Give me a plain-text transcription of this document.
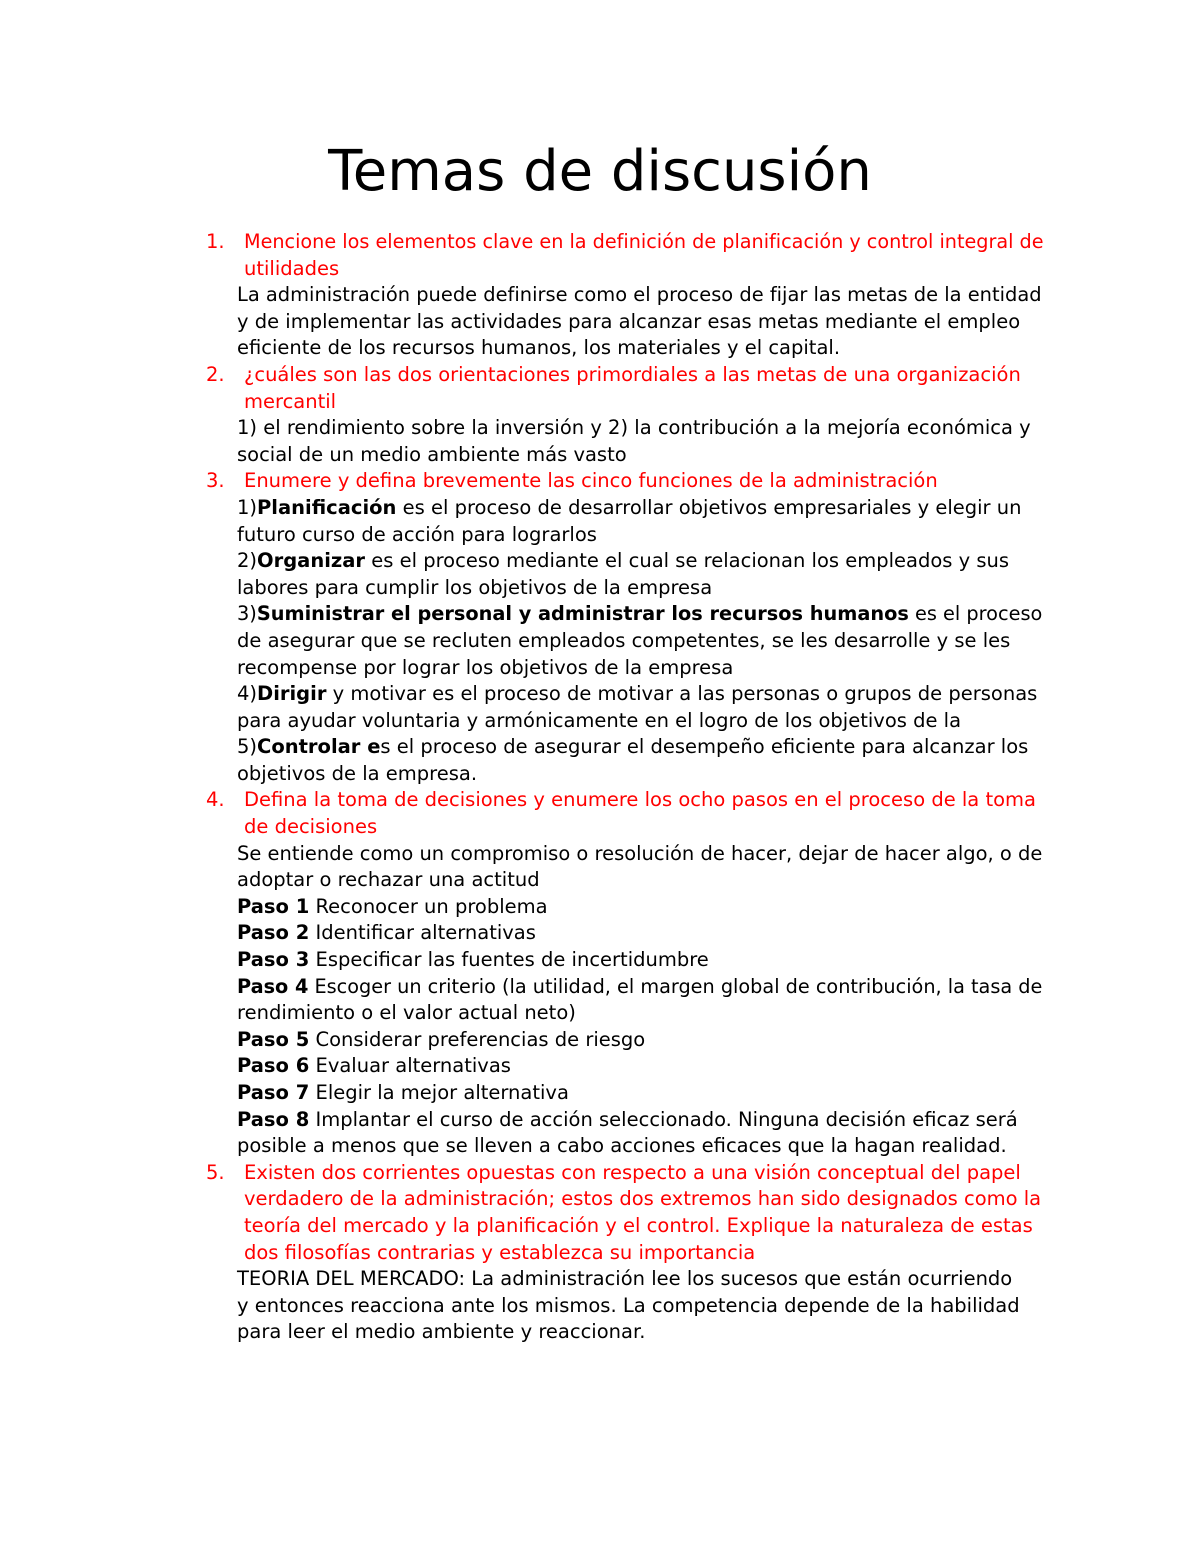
Temas de discusión
1. Mencione los elementos clave en la definición de planificación y control integral de
utilidades
La administración puede definirse como el proceso de fijar las metas de la entidad
y de implementar las actividades para alcanzar esas metas mediante el empleo
eficiente de los recursos humanos, los materiales y el capital.
2. ¿cuáles son las dos orientaciones primordiales a las metas de una organización
mercantil
1) el rendimiento sobre la inversión y 2) la contribución a la mejoría económica y
social de un medio ambiente más vasto
3. Enumere y defina brevemente las cinco funciones de la administración
1)Planificación es el proceso de desarrollar objetivos empresariales y elegir un
futuro curso de acción para lograrlos
2)Organizar es el proceso mediante el cual se relacionan los empleados y sus
labores para cumplir los objetivos de la empresa
3)Suministrar el personal y administrar los recursos humanos es el proceso
de asegurar que se recluten empleados competentes, se les desarrolle y se les
recompense por lograr los objetivos de la empresa
4)Dirigir y motivar es el proceso de motivar a las personas o grupos de personas
para ayudar voluntaria y armónicamente en el logro de los objetivos de la
5)Controlar es el proceso de asegurar el desempeño eficiente para alcanzar los
objetivos de la empresa.
4. Defina la toma de decisiones y enumere los ocho pasos en el proceso de la toma
de decisiones
Se entiende como un compromiso o resolución de hacer, dejar de hacer algo, o de
adoptar o rechazar una actitud
Paso 1 Reconocer un problema
Paso 2 Identificar alternativas
Paso 3 Especificar las fuentes de incertidumbre
Paso 4 Escoger un criterio (la utilidad, el margen global de contribución, la tasa de
rendimiento o el valor actual neto)
Paso 5 Considerar preferencias de riesgo
Paso 6 Evaluar alternativas
Paso 7 Elegir la mejor alternativa
Paso 8 Implantar el curso de acción seleccionado. Ninguna decisión eficaz será
posible a menos que se lleven a cabo acciones eficaces que la hagan realidad.
5. Existen dos corrientes opuestas con respecto a una visión conceptual del papel
verdadero de la administración; estos dos extremos han sido designados como la
teoría del mercado y la planificación y el control. Explique la naturaleza de estas
dos filosofías contrarias y establezca su importancia
TEORIA DEL MERCADO: La administración lee los sucesos que están ocurriendo
y entonces reacciona ante los mismos. La competencia depende de la habilidad
para leer el medio ambiente y reaccionar.
